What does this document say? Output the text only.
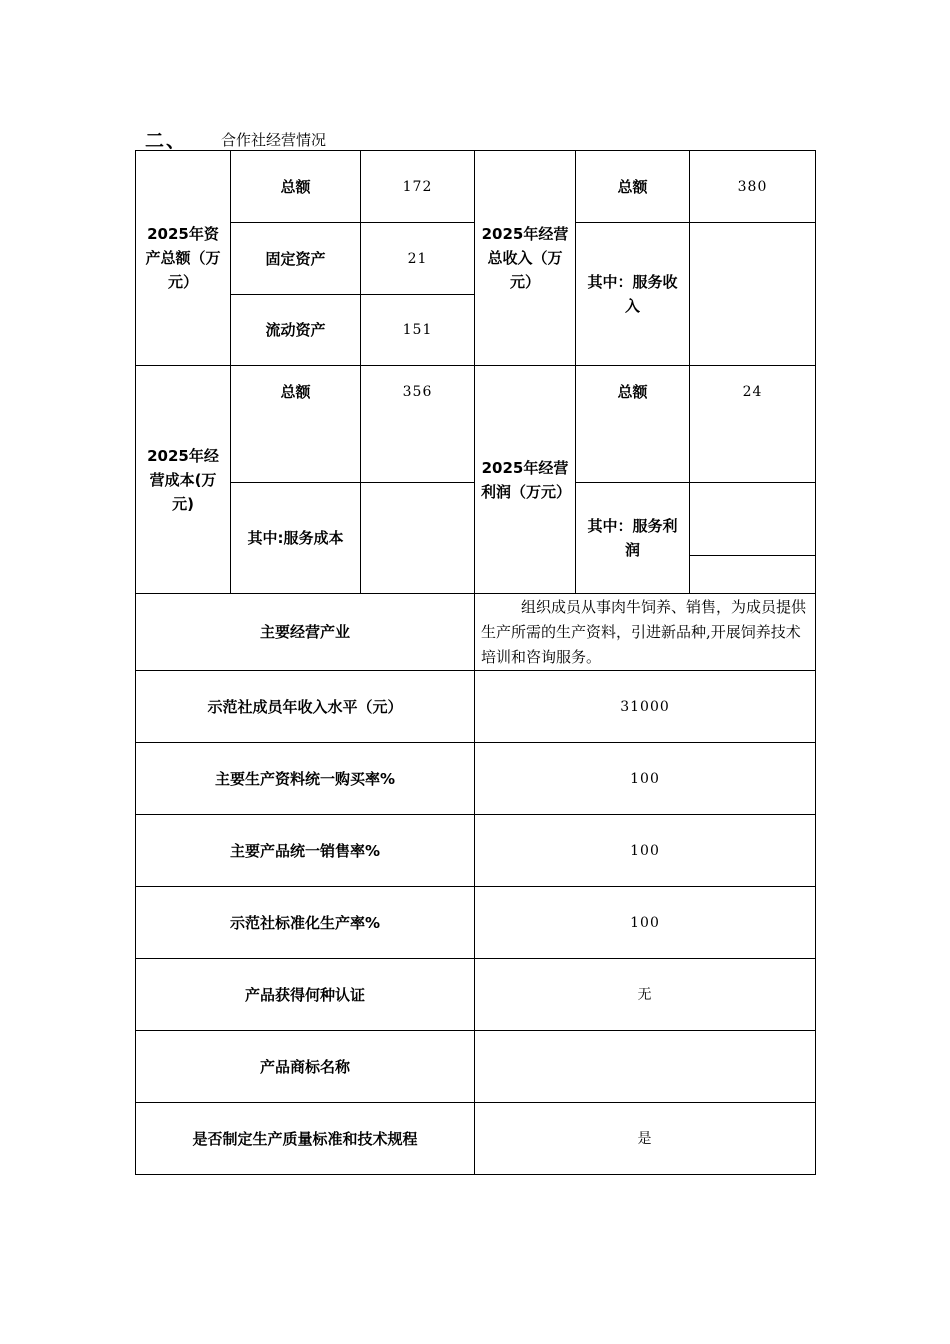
二、 合作社经营情况
2025年资产总额（万元）	总额	172	2025年经营总收入（万元）	总额	380
	固定资产	21		其中：服务收入	
	流动资产	151			
2025年经营成本(万元)	总额	356	2025年经营利润（万元）	总额	24
	其中:服务成本			其中：服务利润	

主要经营产业			组织成员从事肉牛饲养、销售，为成员提供生产所需的生产资料，引进新品种,开展饲养技术培训和咨询服务。		
示范社成员年收入水平（元）			31000		
主要生产资料统一购买率%			100		
主要产品统一销售率%			100		
示范社标准化生产率%			100		
产品获得何种认证			无		
产品商标名称					
是否制定生产质量标准和技术规程			是		
